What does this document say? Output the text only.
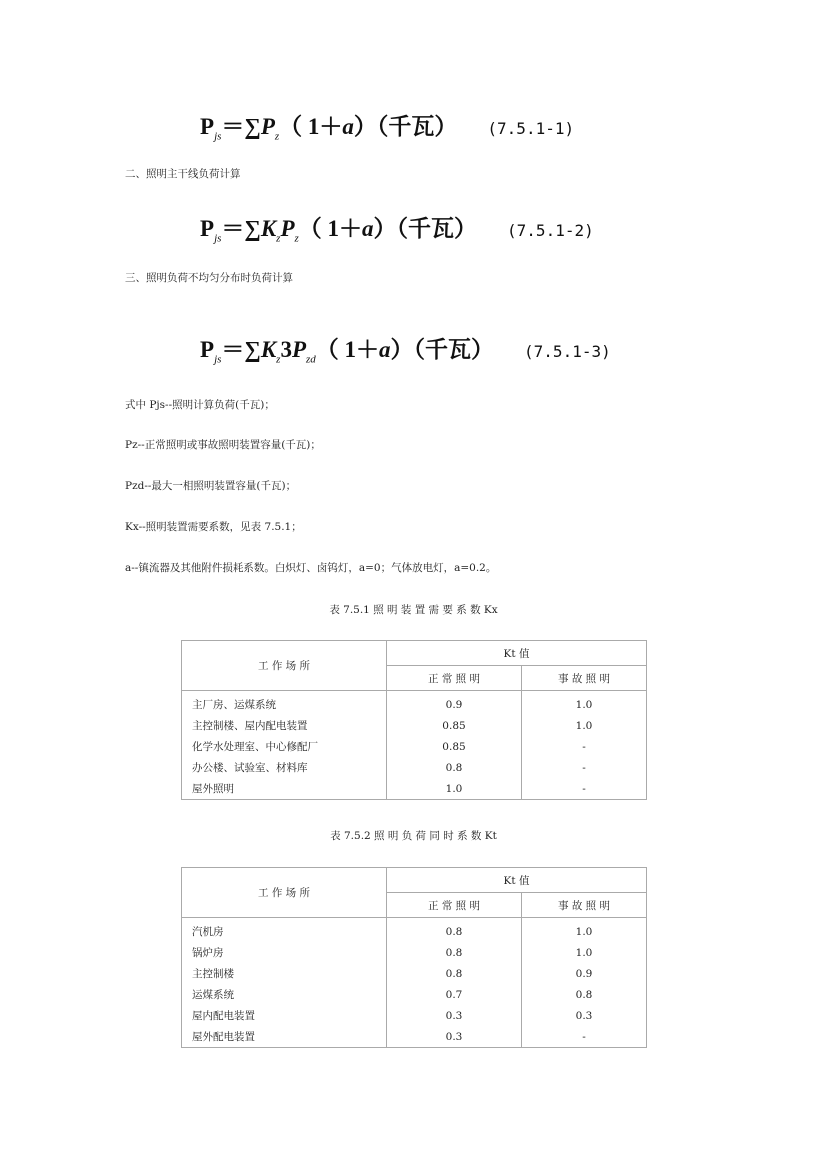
$P_{js}=\sum P_z$（ 1＋a）（千瓦） (7.5.1-1)
二、照明主干线负荷计算
$P_{js}=\sum K_zP_z$（ 1＋a）（千瓦） (7.5.1-2)
三、照明负荷不均匀分布时负荷计算
$P_{js}=\sum K_z3P_{zd}$（ 1＋a）（千瓦） (7.5.1-3)
式中 Pjs--照明计算负荷(千瓦)；
Pz--正常照明或事故照明装置容量(千瓦)；
Pzd--最大一相照明装置容量(千瓦)；
Kx--照明装置需要系数，见表 7.5.1；
a--镇流器及其他附件损耗系数。白炽灯、卤钨灯，a=0；气体放电灯，a=0.2。
表 7.5.1 照 明 装 置 需 要 系 数 Kx
工 作 场 所	Kt 值	
	正 常 照 明	事 故 照 明
主厂房、运煤系统	0.9	1.0
主控制楼、屋内配电装置	0.85	1.0
化学水处理室、中心修配厂	0.85	-
办公楼、试验室、材料库	0.8	-
屋外照明	1.0	-
表 7.5.2 照 明 负 荷 同 时 系 数 Kt
工 作 场 所	Kt 值	
	正 常 照 明	事 故 照 明
汽机房	0.8	1.0
锅炉房	0.8	1.0
主控制楼	0.8	0.9
运煤系统	0.7	0.8
屋内配电装置	0.3	0.3
屋外配电装置	0.3	-
